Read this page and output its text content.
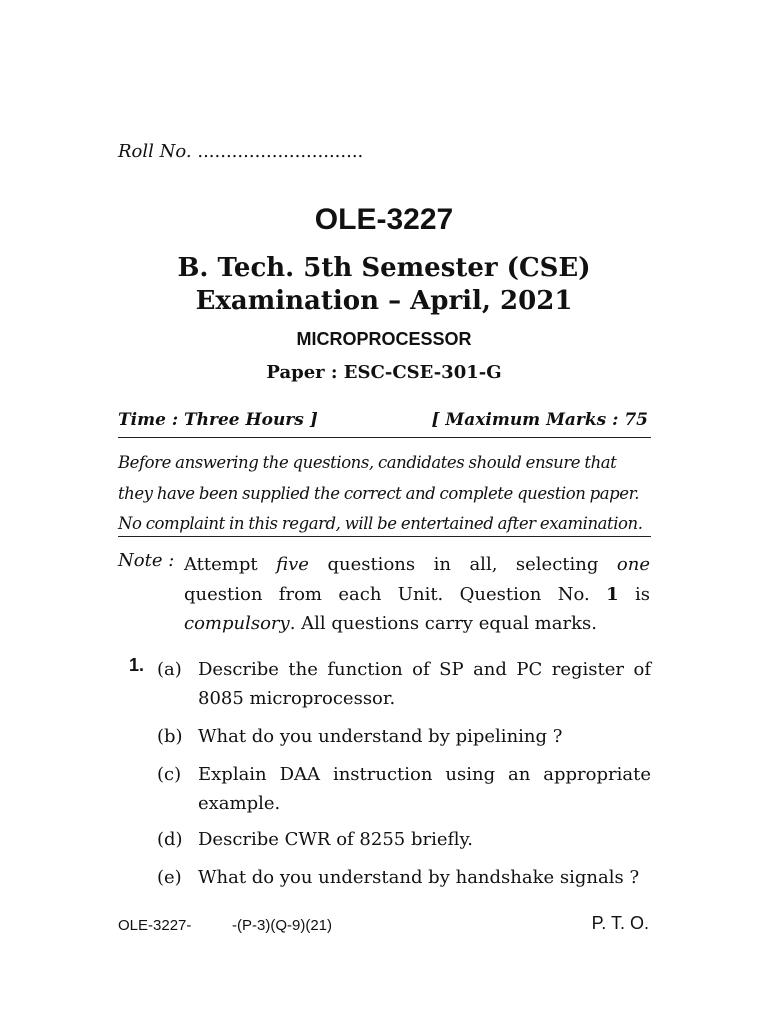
Roll No. .............................
OLE-3227
B. Tech. 5th Semester (CSE)
Examination – April, 2021
MICROPROCESSOR
Paper : ESC-CSE-301-G
Time : Three Hours ]	[ Maximum Marks : 75
Before answering the questions, candidates should ensure that they have been supplied the correct and complete question paper. No complaint in this regard, will be entertained after examination.
Note : Attempt five questions in all, selecting one question from each Unit. Question No. 1 is compulsory. All questions carry equal marks.
1. (a) Describe the function of SP and PC register of 8085 microprocessor.
(b) What do you understand by pipelining ?
(c) Explain DAA instruction using an appropriate example.
(d) Describe CWR of 8255 briefly.
(e) What do you understand by handshake signals ?
OLE-3227-	-(P-3)(Q-9)(21)	P. T. O.
